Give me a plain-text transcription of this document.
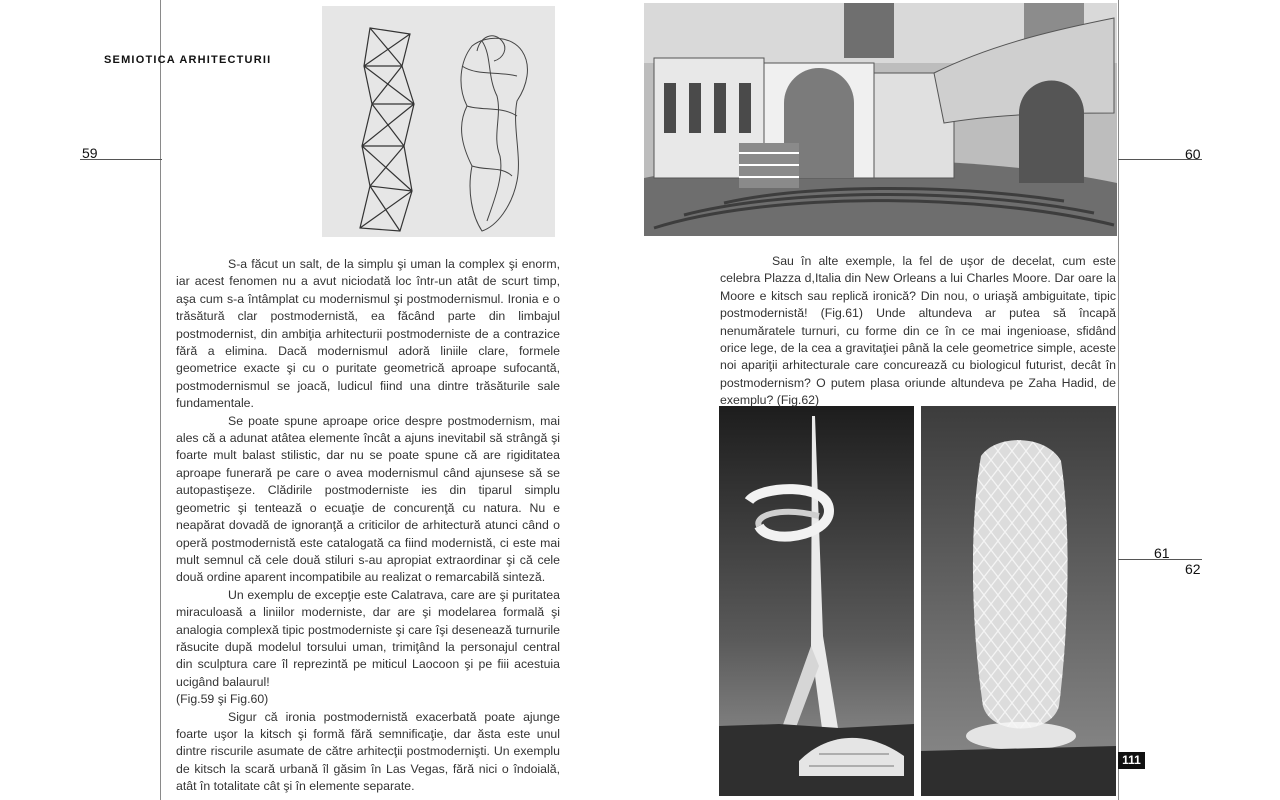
SEMIOTICA ARHITECTURII
59	60
61
62

S-a făcut un salt, de la simplu şi uman la complex şi enorm, iar acest fenomen nu a avut niciodată loc într-un atât de scurt timp, aşa cum s-a întâmplat cu modernismul şi postmodernismul. Ironia e o trăsătură clar postmodernistă, ea făcând parte din limbajul postmodernist, din ambiţia arhitecturii postmoderniste de a contrazice fără a elimina. Dacă modernismul adoră liniile clare, formele geometrice exacte şi cu o puritate geometrică aproape sufocantă, postmodernismul se joacă, ludicul fiind una dintre trăsăturile sale fundamentale.

Se poate spune aproape orice despre postmodernism, mai ales că a adunat atâtea elemente încât a ajuns inevitabil să strângă şi foarte mult balast stilistic, dar nu se poate spune că are rigiditatea aproape funerară pe care o avea modernismul când ajunsese să se autopastişeze. Clădirile postmoderniste ies din tiparul simplu geometric şi tentează o ecuaţie de concurenţă cu natura. Nu e neapărat dovadă de ignoranţă a criticilor de arhitectură atunci când o operă postmodernistă este catalogată ca fiind modernistă, ci este mai mult semnul că cele două stiluri s-au apropiat extraordinar şi că cele două ordine aparent incompatibile au realizat o remarcabilă sinteză.

Un exemplu de excepţie este Calatrava, care are şi puritatea miraculoasă a liniilor moderniste, dar are şi modelarea formală şi analogia complexă tipic postmoderniste şi care îşi desenează turnurile răsucite după modelul torsului uman, trimiţând la personajul central din sculptura care îl reprezintă pe miticul Laocoon şi pe fiii acestuia ucigând balaurul!

(Fig.59 şi Fig.60)

Sigur că ironia postmodernistă exacerbată poate ajunge foarte uşor la kitsch şi formă fără semnificaţie, dar ăsta este unul dintre riscurile asumate de către arhitecţii postmodernişti. Un exemplu de kitsch la scară urbană îl găsim în Las Vegas, fără nici o îndoială, atât în totalitate cât şi în elemente separate.

Sau în alte exemple, la fel de uşor de decelat, cum este celebra Plazza d,Italia din New Orleans a lui Charles Moore. Dar oare la Moore e kitsch sau replică ironică? Din nou, o uriaşă ambiguitate, tipic postmodernistă! (Fig.61) Unde altundeva ar putea să încapă nenumăratele turnuri, cu forme din ce în ce mai ingenioase, sfidând orice lege, de la cea a gravitaţiei până la cele geometrice simple, aceste noi apariţii arhitecturale care concurează cu biologicul futurist, decât în postmodernism? O putem plasa oriunde altundeva pe Zaha Hadid, de exemplu? (Fig.62)

111
